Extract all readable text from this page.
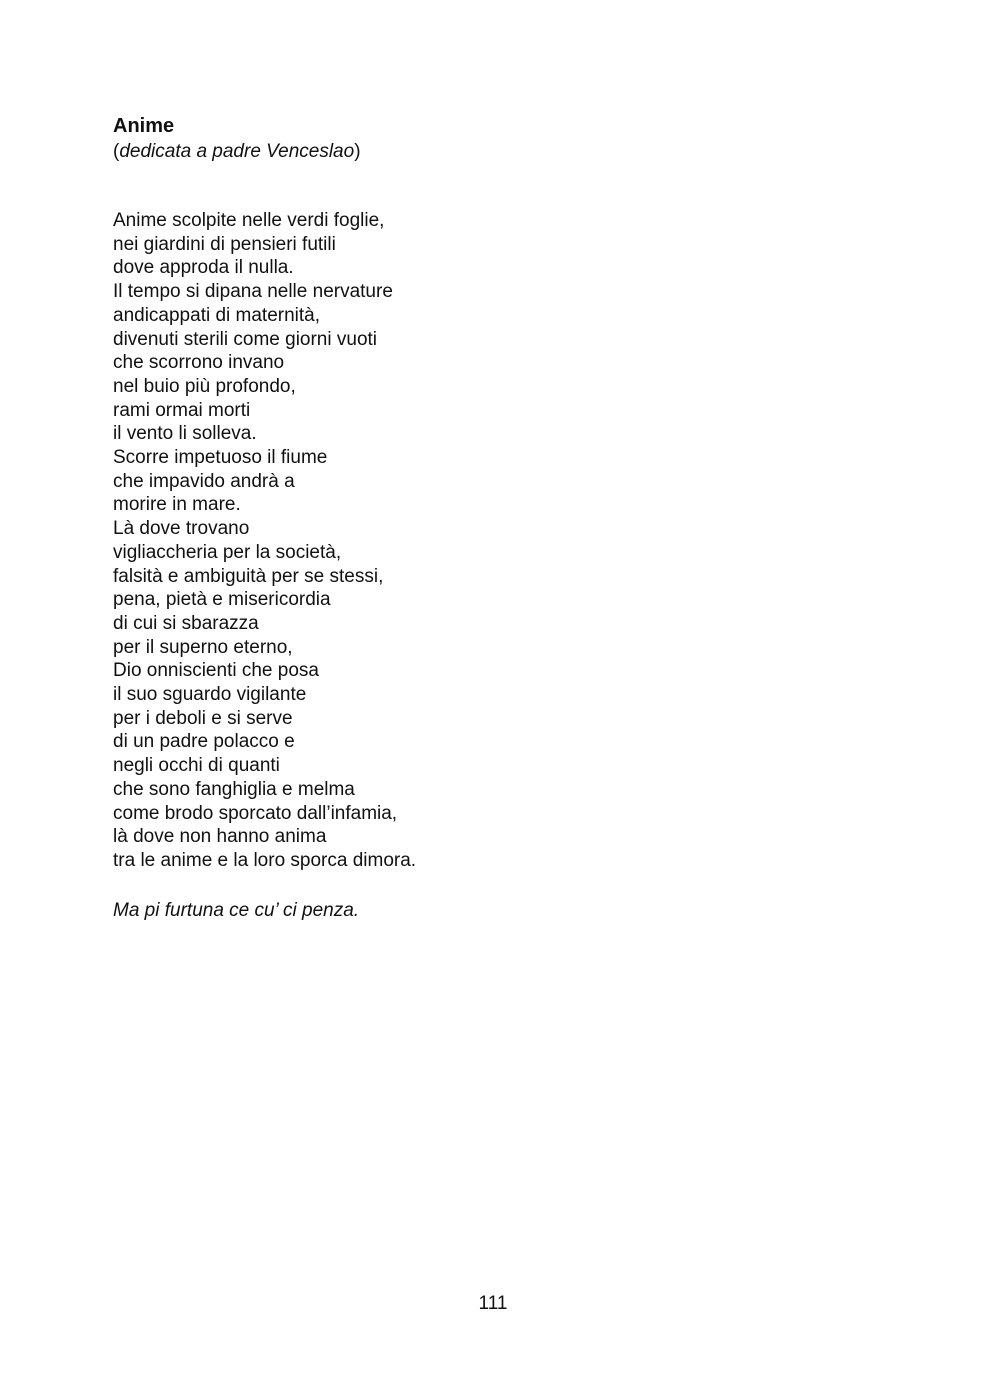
Anime

(dedicata a padre Venceslao)

Anime scolpite nelle verdi foglie,
nei giardini di pensieri futili
dove approda il nulla.
Il tempo si dipana nelle nervature
andicappati di maternità,
divenuti sterili come giorni vuoti
che scorrono invano
nel buio più profondo,
rami ormai morti
il vento li solleva.
Scorre impetuoso il fiume
che impavido andrà a
morire in mare.
Là dove trovano
vigliaccheria per la società,
falsità e ambiguità per se stessi,
pena, pietà e misericordia
di cui si sbarazza
per il superno eterno,
Dio onniscienti che posa
il suo sguardo vigilante
per i deboli e si serve
di un padre polacco e
negli occhi di quanti
che sono fanghiglia e melma
come brodo sporcato dall’infamia,
là dove non hanno anima
tra le anime e la loro sporca dimora.

Ma pi furtuna ce cu’ ci penza.

111
